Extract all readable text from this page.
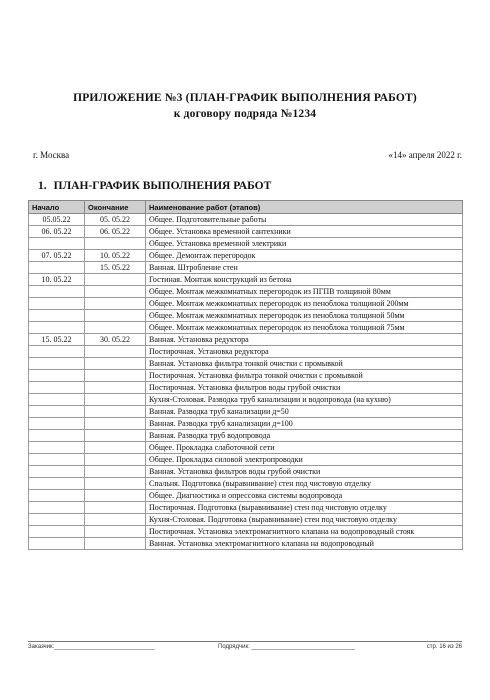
ПРИЛОЖЕНИЕ №3 (ПЛАН-ГРАФИК ВЫПОЛНЕНИЯ РАБОТ)
к договору подряда №1234
г. Москва	«14» апреля 2022 г.
1. ПЛАН-ГРАФИК ВЫПОЛНЕНИЯ РАБОТ
Начало	Окончание	Наименование работ (этапов)
05.05.22	05. 05.22	Общее. Подготовительные работы
06. 05.22	06. 05.22	Общее. Установка временной сантехники
		Общее. Установка временной электрики
07. 05.22	10. 05.22	Общее. Демонтаж перегородок
	15. 05.22	Ванная. Штробление стен
10. 05.22		Гостиная. Монтаж конструкций из бетона
		Общее. Монтаж межкомнатных перегородок из ПГПВ толщиной 80мм
		Общее. Монтаж межкомнатных перегородок из пеноблока толщиной 200мм
		Общее. Монтаж межкомнатных перегородок из пеноблока толщиной 50мм
		Общее. Монтаж межкомнатных перегородок из пеноблока толщиной 75мм
15. 05.22	30. 05.22	Ванная. Установка редуктора
		Постирочная. Установка редуктора
		Ванная. Установка фильтра тонкой очистки с промывкой
		Постирочная. Установка фильтра тонкой очистки с промывкой
		Постирочная. Установка фильтров воды грубой очистки
		Кухня-Столовая. Разводка труб канализации и водопровода (на кухню)
		Ванная. Разводка труб канализации д=50
		Ванная. Разводка труб канализации д=100
		Ванная. Разводка труб водопровода
		Общее. Прокладка слаботочной сети
		Общее. Прокладка силовой электропроводки
		Ванная. Установка фильтров воды грубой очистки
		Спальня. Подготовка (выравнивание) стен под чистовую отделку
		Общее. Диагностика и опрессовка системы водопровода
		Постирочная. Подготовка (выравнивание) стен под чистовую отделку
		Кухня-Столовая. Подготовка (выравнивание) стен под чистовую отделку
		Постирочная. Установка электромагнитного клапана на водопроводный стояк
		Ванная. Установка электромагнитного клапана на водопроводный
Заказчик:______________________________	Подрядчик: _______________________________	стр. 16 из 26
